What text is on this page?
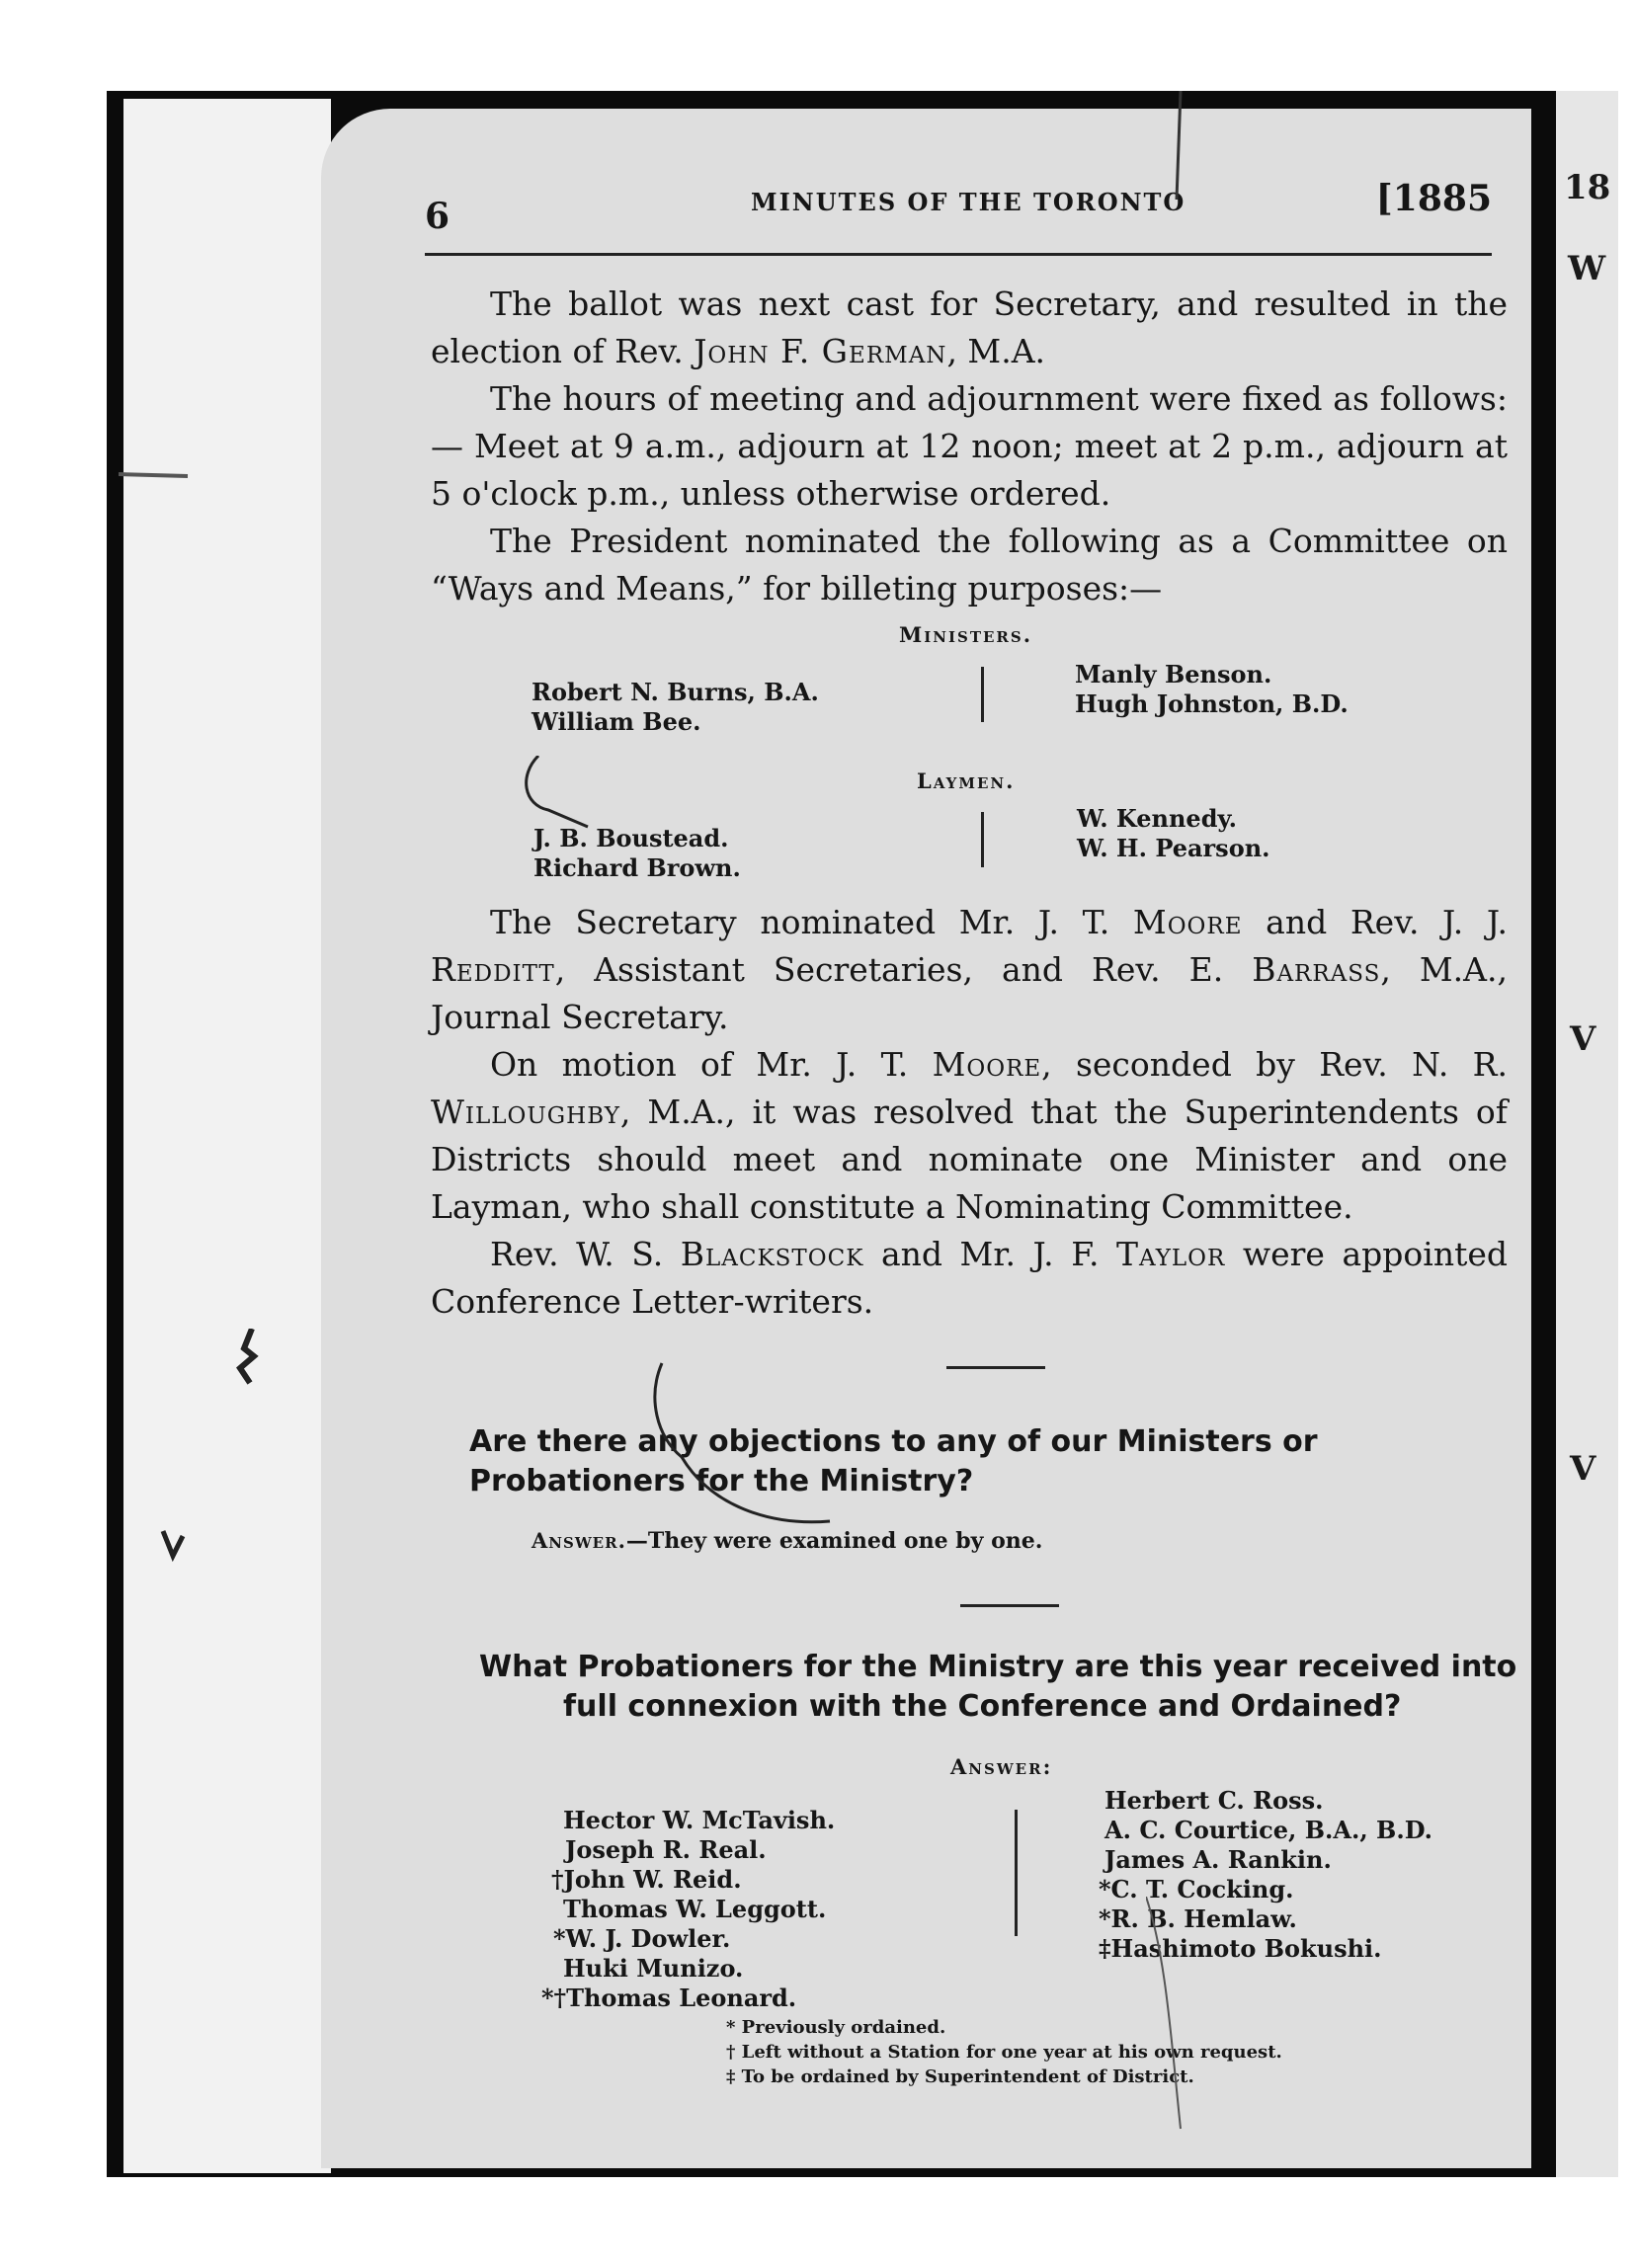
18
W
V
V
6	MINUTES OF THE TORONTO	[1885

The ballot was next cast for Secretary, and resulted in the election of Rev. John F. German, M.A.

The hours of meeting and adjournment were fixed as follows:— Meet at 9 a.m., adjourn at 12 noon; meet at 2 p.m., adjourn at 5 o'clock p.m., unless otherwise ordered.

The President nominated the following as a Committee on “Ways and Means,” for billeting purposes:—

Ministers.
Robert N. Burns, B.A.
William Bee.
Manly Benson.
Hugh Johnston, B.D.
Laymen.
J. B. Boustead.
Richard Brown.
W. Kennedy.
W. H. Pearson.

The Secretary nominated Mr. J. T. Moore and Rev. J. J. Redditt, Assistant Secretaries, and Rev. E. Barrass, M.A., Journal Secretary.

On motion of Mr. J. T. Moore, seconded by Rev. N. R. Willoughby, M.A., it was resolved that the Superintendents of Districts should meet and nominate one Minister and one Layman, who shall constitute a Nominating Committee.

Rev. W. S. Blackstock and Mr. J. F. Taylor were appointed Conference Letter-writers.

Are there any objections to any of our Ministers or Probationers for the Ministry?
Answer.—They were examined one by one.
What Probationers for the Ministry are this year received into
full connexion with the Conference and Ordained?
Answer:
Hector W. McTavish.
Joseph R. Real.
†John W. Reid.
Thomas W. Leggott.
*W. J. Dowler.
Huki Munizo.
*†Thomas Leonard.
Herbert C. Ross.
A. C. Courtice, B.A., B.D.
James A. Rankin.
*C. T. Cocking.
*R. B. Hemlaw.
‡Hashimoto Bokushi.
* Previously ordained.
† Left without a Station for one year at his own request.
‡ To be ordained by Superintendent of District.
